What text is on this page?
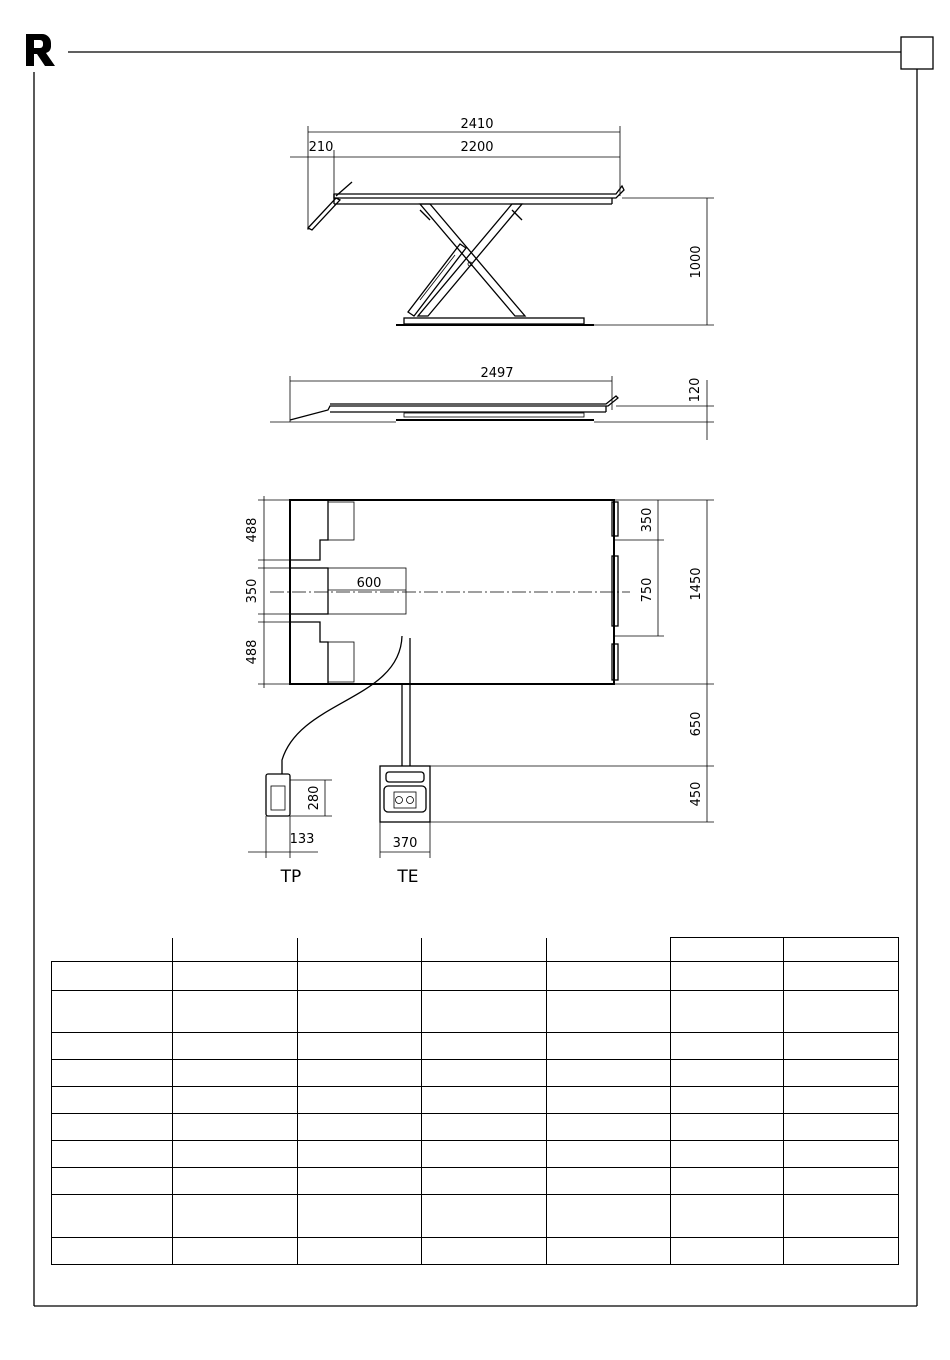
2410
210	2200
1000
2497
120
488
350
488
600
350
750	1450
650
450
280
133
TP
370
TE
